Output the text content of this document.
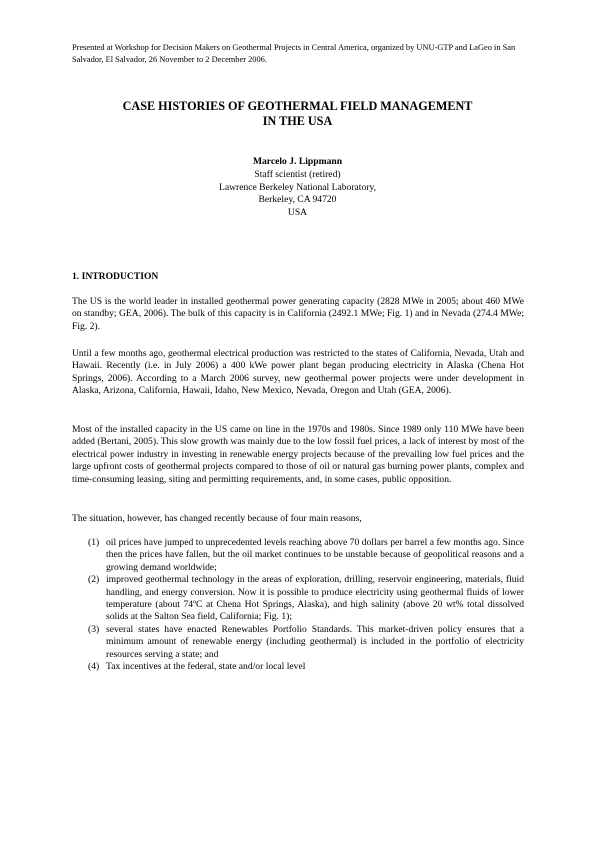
Presented at Workshop for Decision Makers on Geothermal Projects in Central America, organized by UNU-GTP and LaGeo in San Salvador, El Salvador, 26 November to 2 December 2006.
CASE HISTORIES OF GEOTHERMAL FIELD MANAGEMENT
IN THE USA
Marcelo J. Lippmann
Staff scientist (retired)
Lawrence Berkeley National Laboratory,
Berkeley, CA 94720
USA
1. INTRODUCTION

The US is the world leader in installed geothermal power generating capacity (2828 MWe in 2005; about 460 MWe on standby; GEA, 2006). The bulk of this capacity is in California (2492.1 MWe; Fig. 1) and in Nevada (274.4 MWe; Fig. 2).

Until a few months ago, geothermal electrical production was restricted to the states of California, Nevada, Utah and Hawaii. Recently (i.e. in July 2006) a 400 kWe power plant began producing electricity in Alaska (Chena Hot Springs, 2006). According to a March 2006 survey, new geothermal power projects were under development in Alaska, Arizona, California, Hawaii, Idaho, New Mexico, Nevada, Oregon and Utah (GEA, 2006).

Most of the installed capacity in the US came on line in the 1970s and 1980s. Since 1989 only 110 MWe have been added (Bertani, 2005). This slow growth was mainly due to the low fossil fuel prices, a lack of interest by most of the electrical power industry in investing in renewable energy projects because of the prevailing low fuel prices and the large upfront costs of geothermal projects compared to those of oil or natural gas burning power plants, complex and time-consuming leasing, siting and permitting requirements, and, in some cases, public opposition.

The situation, however, has changed recently because of four main reasons,

(1) oil prices have jumped to unprecedented levels reaching above 70 dollars per barrel a few months ago. Since then the prices have fallen, but the oil market continues to be unstable because of geopolitical reasons and a growing demand worldwide;
(2) improved geothermal technology in the areas of exploration, drilling, reservoir engineering, materials, fluid handling, and energy conversion. Now it is possible to produce electricity using geothermal fluids of lower temperature (about 74ºC at Chena Hot Springs, Alaska), and high salinity (above 20 wt% total dissolved solids at the Salton Sea field, California; Fig. 1);
(3) several states have enacted Renewables Portfolio Standards. This market-driven policy ensures that a minimum amount of renewable energy (including geothermal) is included in the portfolio of electricity resources serving a state; and
(4) Tax incentives at the federal, state and/or local level
